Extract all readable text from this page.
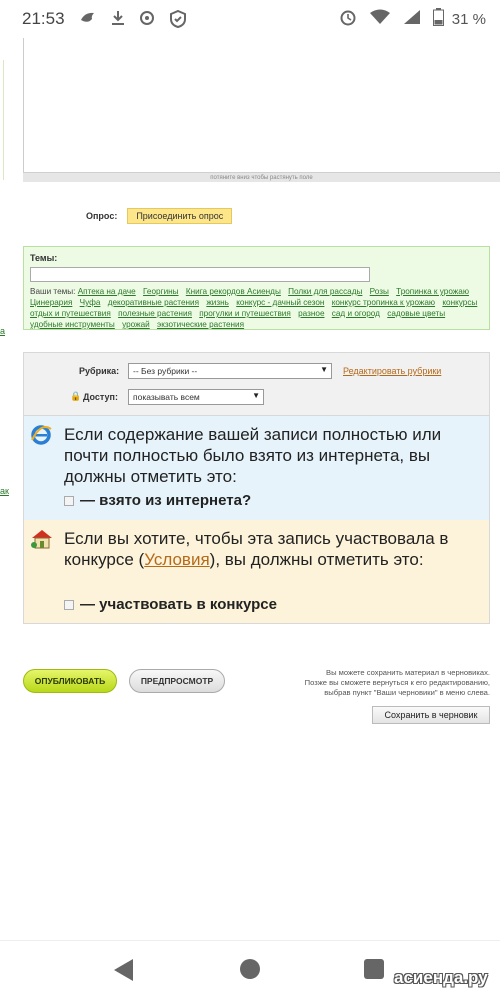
21:53	31 %
а
ак
потяните вниз чтобы растянуть поле
Опрос:	Присоединить опрос
Темы:
Ваши темы: Аптека на даче Георгины Книга рекордов Асиенды Полки для рассады Розы Тропинка к урожаю Цинерария Чуфа декоративные растения жизнь конкурс - дачный сезон конкурс тропинка к урожаю конкурсы отдых и путешествия полезные растения прогулки и путешествия разное сад и огород садовые цветы удобные инструменты урожай экзотические растения
Рубрика:	-- Без рубрики --	▼ Редактировать рубрики
🔒 Доступ:	показывать всем	▼
Если содержание вашей записи полностью или почти полностью было взято из интернета, вы должны отметить это:
— взято из интернета?
Если вы хотите, чтобы эта запись участвовала в конкурсе (Условия), вы должны отметить это:
— участвовать в конкурсе
ОПУБЛИКОВАТЬ	ПРЕДПРОСМОТР
Вы можете сохранить материал в черновиках.
Позже вы сможете вернуться к его редактированию,
выбрав пункт "Ваши черновики" в меню слева.
Сохранить в черновик
асиенда.ру
